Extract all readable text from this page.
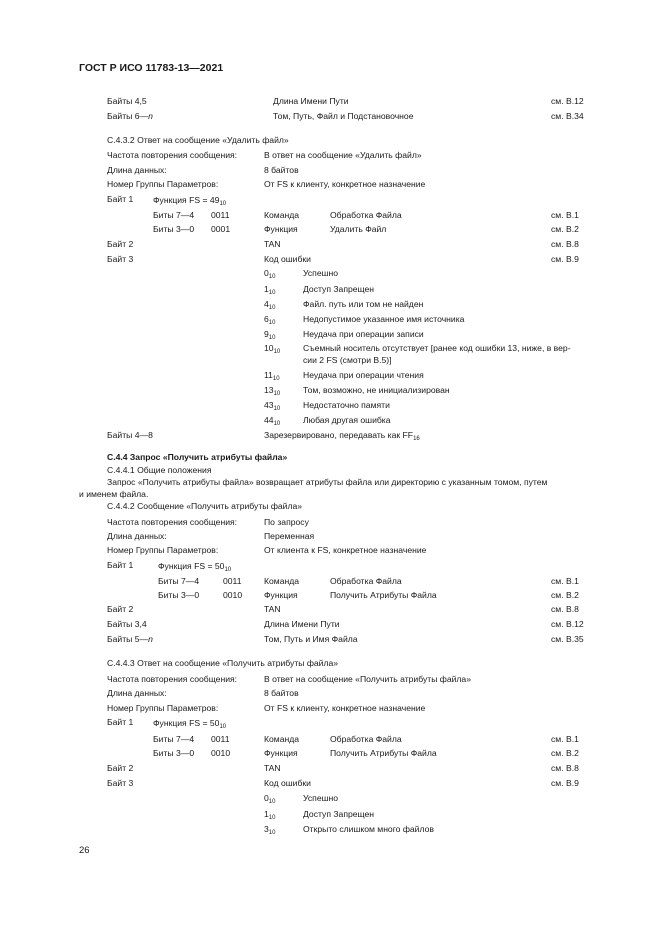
ГОСТ Р ИСО 11783-13—2021
Байты 4,5	Длина Имени Пути	см. В.12
Байты 6—n	Том, Путь, Файл и Подстановочное	см. В.34
С.4.3.2 Ответ на сообщение «Удалить файл»
Частота повторения сообщения:	В ответ на сообщение «Удалить файл»
Длина данных:	8 байтов
Номер Группы Параметров:	От FS к клиенту, конкретное назначение
Байт 1 Функция FS = $49_{10}$
Биты 7—4 0011	Команда	Обработка Файла	см. В.1
Биты 3—0 0001	Функция	Удалить Файл	см. В.2
Байт 2	TAN	см. В.8
Байт 3	Код ошибки	см. В.9
$0_{10}$	Успешно
$1_{10}$	Доступ Запрещен
$4_{10}$	Файл. путь или том не найден
$6_{10}$	Недопустимое указанное имя источника
$9_{10}$	Неудача при операции записи
$10_{10}$	Съемный носитель отсутствует [ранее код ошибки 13, ниже, в вер-
сии 2 FS (смотри В.5)]
$11_{10}$	Неудача при операции чтения
$13_{10}$	Том, возможно, не инициализирован
$43_{10}$	Недостаточно памяти
$44_{10}$	Любая другая ошибка
Байты 4—8	Зарезервировано, передавать как $FF_{16}$
С.4.4 Запрос «Получить атрибуты файла»
С.4.4.1 Общие положения
Запрос «Получить атрибуты файла» возвращает атрибуты файла или директорию с указанным томом, путем
и именем файла.
С.4.4.2 Сообщение «Получить атрибуты файла»
Частота повторения сообщения:	По запросу
Длина данных:	Переменная
Номер Группы Параметров:	От клиента к FS, конкретное назначение
Байт 1	Функция FS = $50_{10}$
Биты 7—4	0011	Команда	Обработка Файла	см. В.1
Биты 3—0	0010	Функция	Получить Атрибуты Файла	см. В.2
Байт 2	TAN	см. В.8
Байты 3,4	Длина Имени Пути	см. В.12
Байты 5—n	Том, Путь и Имя Файла	см. В.35
С.4.4.3 Ответ на сообщение «Получить атрибуты файла»
Частота повторения сообщения:	В ответ на сообщение «Получить атрибуты файла»
Длина данных:	8 байтов
Номер Группы Параметров:	От FS к клиенту, конкретное назначение
Байт 1 Функция FS = $50_{10}$
Биты 7—4 0011	Команда	Обработка Файла	см. В.1
Биты 3—0 0010	Функция	Получить Атрибуты Файла	см. В.2
Байт 2	TAN	см. В.8
Байт 3	Код ошибки	см. В.9
$0_{10}$	Успешно
$1_{10}$	Доступ Запрещен
$3_{10}$	Открыто слишком много файлов
26
